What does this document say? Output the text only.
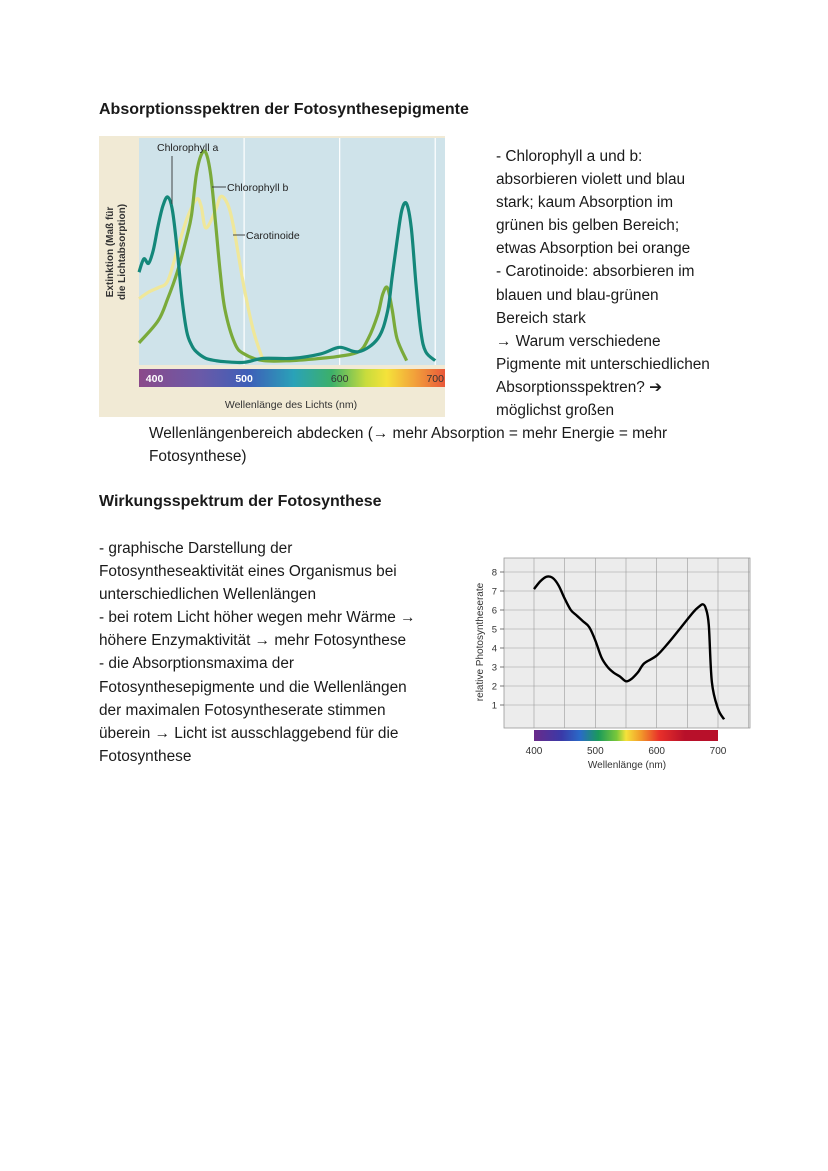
Absorptionsspektren der Fotosynthesepigmente
400	500	600	700
Wellenlänge des Lichts (nm)
Extinktion (Maß für die Lichtabsorption)
Chlorophyll a
Chlorophyll b
Carotinoide

- Chlorophyll a und b:

absorbieren violett und blau

stark; kaum Absorption im

grünen bis gelben Bereich;

etwas Absorption bei orange

- Carotinoide: absorbieren im

blauen und blau-grünen

Bereich stark

→ Warum verschiedene

Pigmente mit unterschiedlichen

Absorptionsspektren? ➔

möglichst großen

Wellenlängenbereich abdecken (→ mehr Absorption = mehr Energie = mehr

Fotosynthese)

Wirkungsspektrum der Fotosynthese

- graphische Darstellung der

Fotosyntheseaktivität eines Organismus bei

unterschiedlichen Wellenlängen

- bei rotem Licht höher wegen mehr Wärme →

höhere Enzymaktivität → mehr Fotosynthese

- die Absorptionsmaxima der

Fotosynthesepigmente und die Wellenlängen

der maximalen Fotosyntheserate stimmen

überein → Licht ist ausschlaggebend für die

Fotosynthese

1
2
3
4
5
6
7
8
400	500	600	700
Wellenlänge (nm)
relative Photosyntheserate
